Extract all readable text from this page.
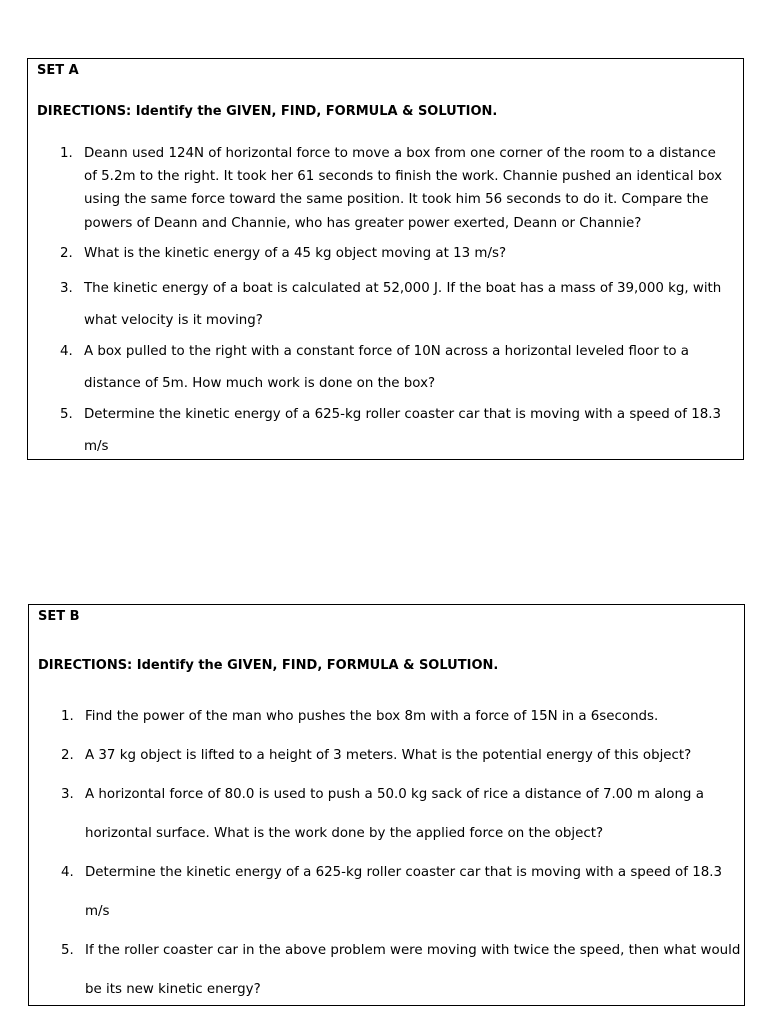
SET A

DIRECTIONS: Identify the GIVEN, FIND, FORMULA & SOLUTION.

1. Deann used 124N of horizontal force to move a box from one corner of the room to a distance of 5.2m to the right. It took her 61 seconds to finish the work. Channie pushed an identical box using the same force toward the same position. It took him 56 seconds to do it. Compare the powers of Deann and Channie, who has greater power exerted, Deann or Channie?
2. What is the kinetic energy of a 45 kg object moving at 13 m/s?
3. The kinetic energy of a boat is calculated at 52,000 J. If the boat has a mass of 39,000 kg, with what velocity is it moving?
4. A box pulled to the right with a constant force of 10N across a horizontal leveled floor to a distance of 5m. How much work is done on the box?
5. Determine the kinetic energy of a 625-kg roller coaster car that is moving with a speed of 18.3 m/s

SET B

DIRECTIONS: Identify the GIVEN, FIND, FORMULA & SOLUTION.

1. Find the power of the man who pushes the box 8m with a force of 15N in a 6seconds.
2. A 37 kg object is lifted to a height of 3 meters. What is the potential energy of this object?
3. A horizontal force of 80.0 is used to push a 50.0 kg sack of rice a distance of 7.00 m along a horizontal surface. What is the work done by the applied force on the object?
4. Determine the kinetic energy of a 625-kg roller coaster car that is moving with a speed of 18.3 m/s
5. If the roller coaster car in the above problem were moving with twice the speed, then what would be its new kinetic energy?
